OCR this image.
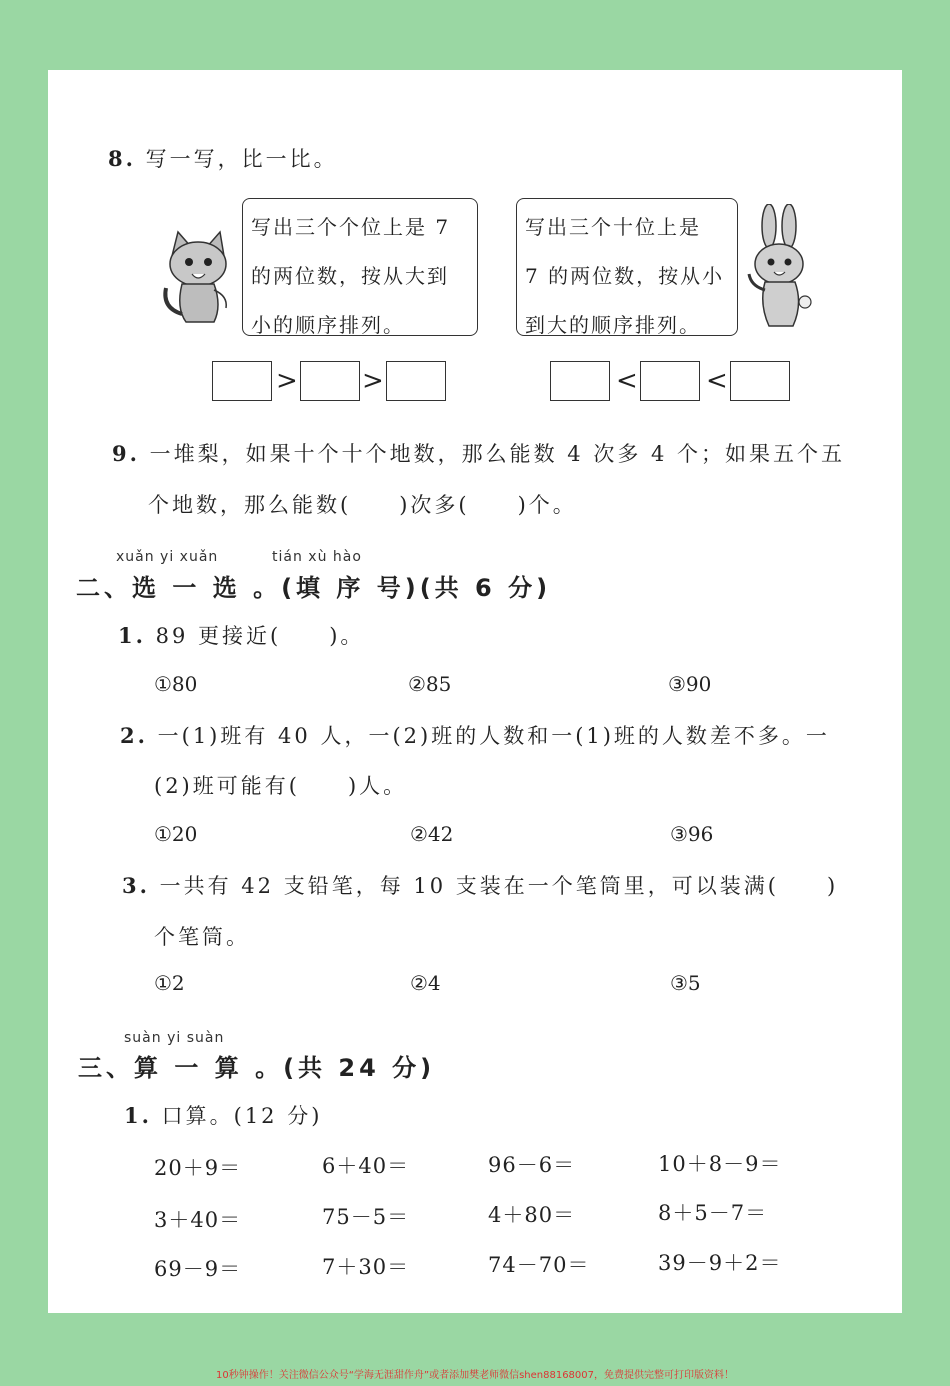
8. 写一写，比一比。
写出三个个位上是 7
的两位数，按从大到
小的顺序排列。
写出三个十位上是
7 的两位数，按从小
到大的顺序排列。
> >	<	<
9. 一堆梨，如果十个十个地数，那么能数 4 次多 4 个；如果五个五
个地数，那么能数(　　)次多(　　)个。
xuǎn yi xuǎn	tián xù hào
二、选 一 选 。(填 序 号)(共 6 分)
1. 89 更接近(　　)。
①80	②85	③90
2. 一(1)班有 40 人，一(2)班的人数和一(1)班的人数差不多。一
(2)班可能有(　　)人。
①20	②42	③96
3. 一共有 42 支铅笔，每 10 支装在一个笔筒里，可以装满(　　)
个笔筒。
①2	②4	③5
suàn yi suàn
三、算 一 算 。(共 24 分)
1. 口算。(12 分)
20＋9＝	6＋40＝	96－6＝	10＋8－9＝
3＋40＝	75－5＝	4＋80＝	8＋5－7＝
69－9＝	7＋30＝	74－70＝	39－9＋2＝
10秒钟操作！关注微信公众号“学海无涯甜作舟”或者添加樊老师微信shen88168007，免费提供完整可打印版资料！
